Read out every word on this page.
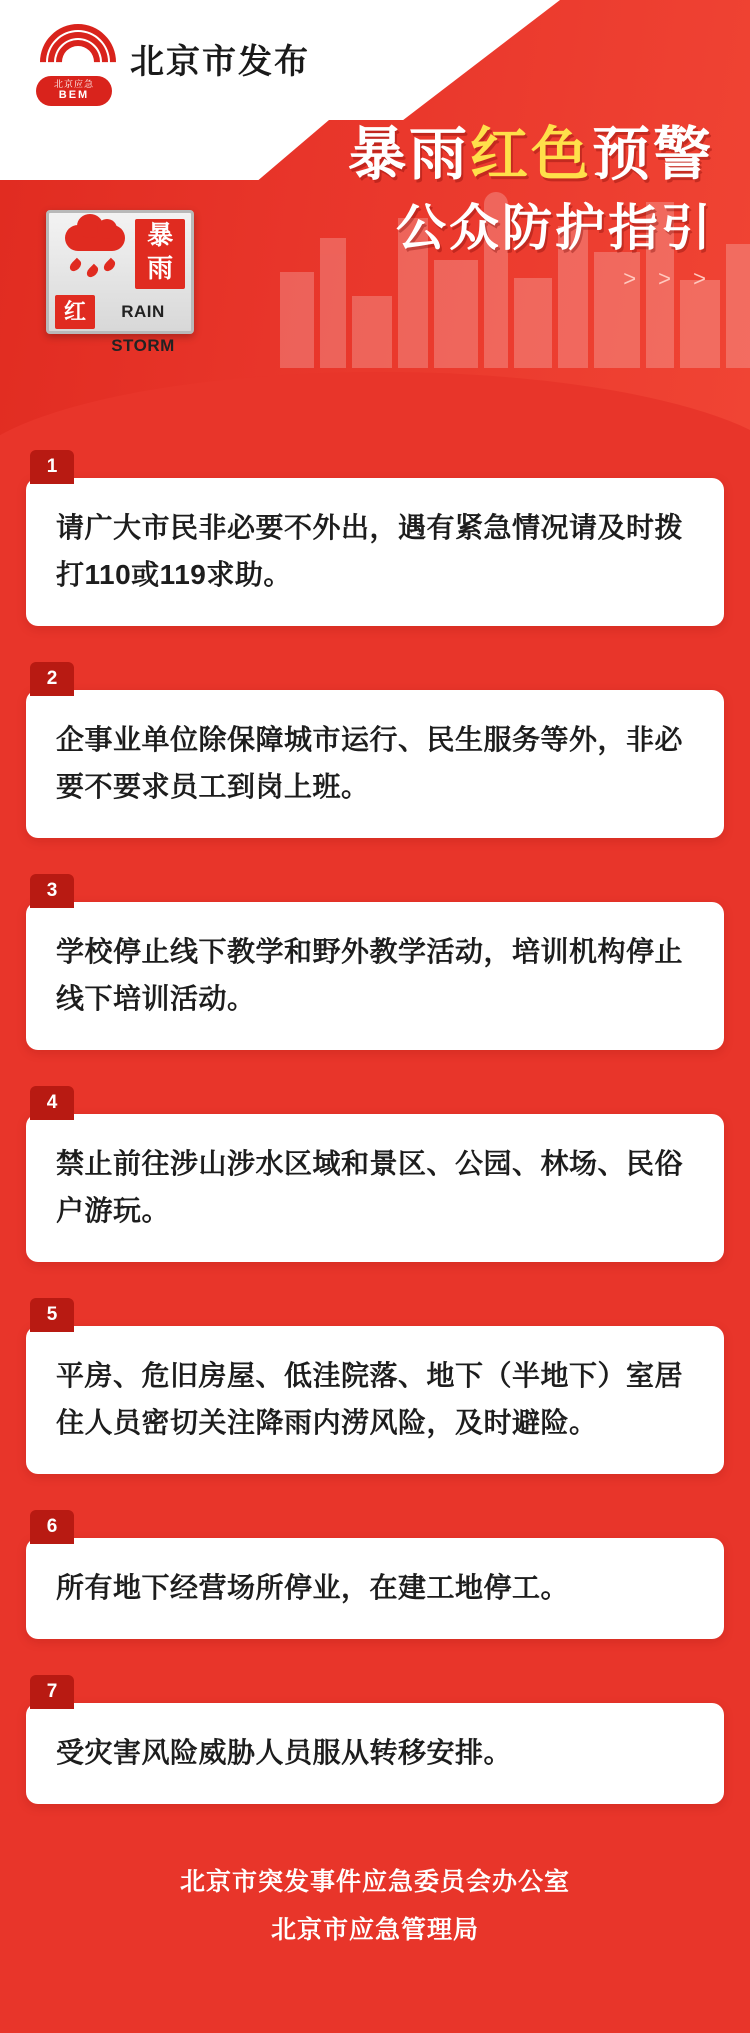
北京应急
BEM
北京市发布
暴雨红色预警
公众防护指引
> > >
暴
雨
红	RAIN STORM
1
请广大市民非必要不外出，遇有紧急情况请及时拨打110或119求助。
2
企事业单位除保障城市运行、民生服务等外，非必要不要求员工到岗上班。
3
学校停止线下教学和野外教学活动，培训机构停止线下培训活动。
4
禁止前往涉山涉水区域和景区、公园、林场、民俗户游玩。
5
平房、危旧房屋、低洼院落、地下（半地下）室居住人员密切关注降雨内涝风险，及时避险。
6
所有地下经营场所停业，在建工地停工。
7
受灾害风险威胁人员服从转移安排。
北京市突发事件应急委员会办公室
北京市应急管理局
